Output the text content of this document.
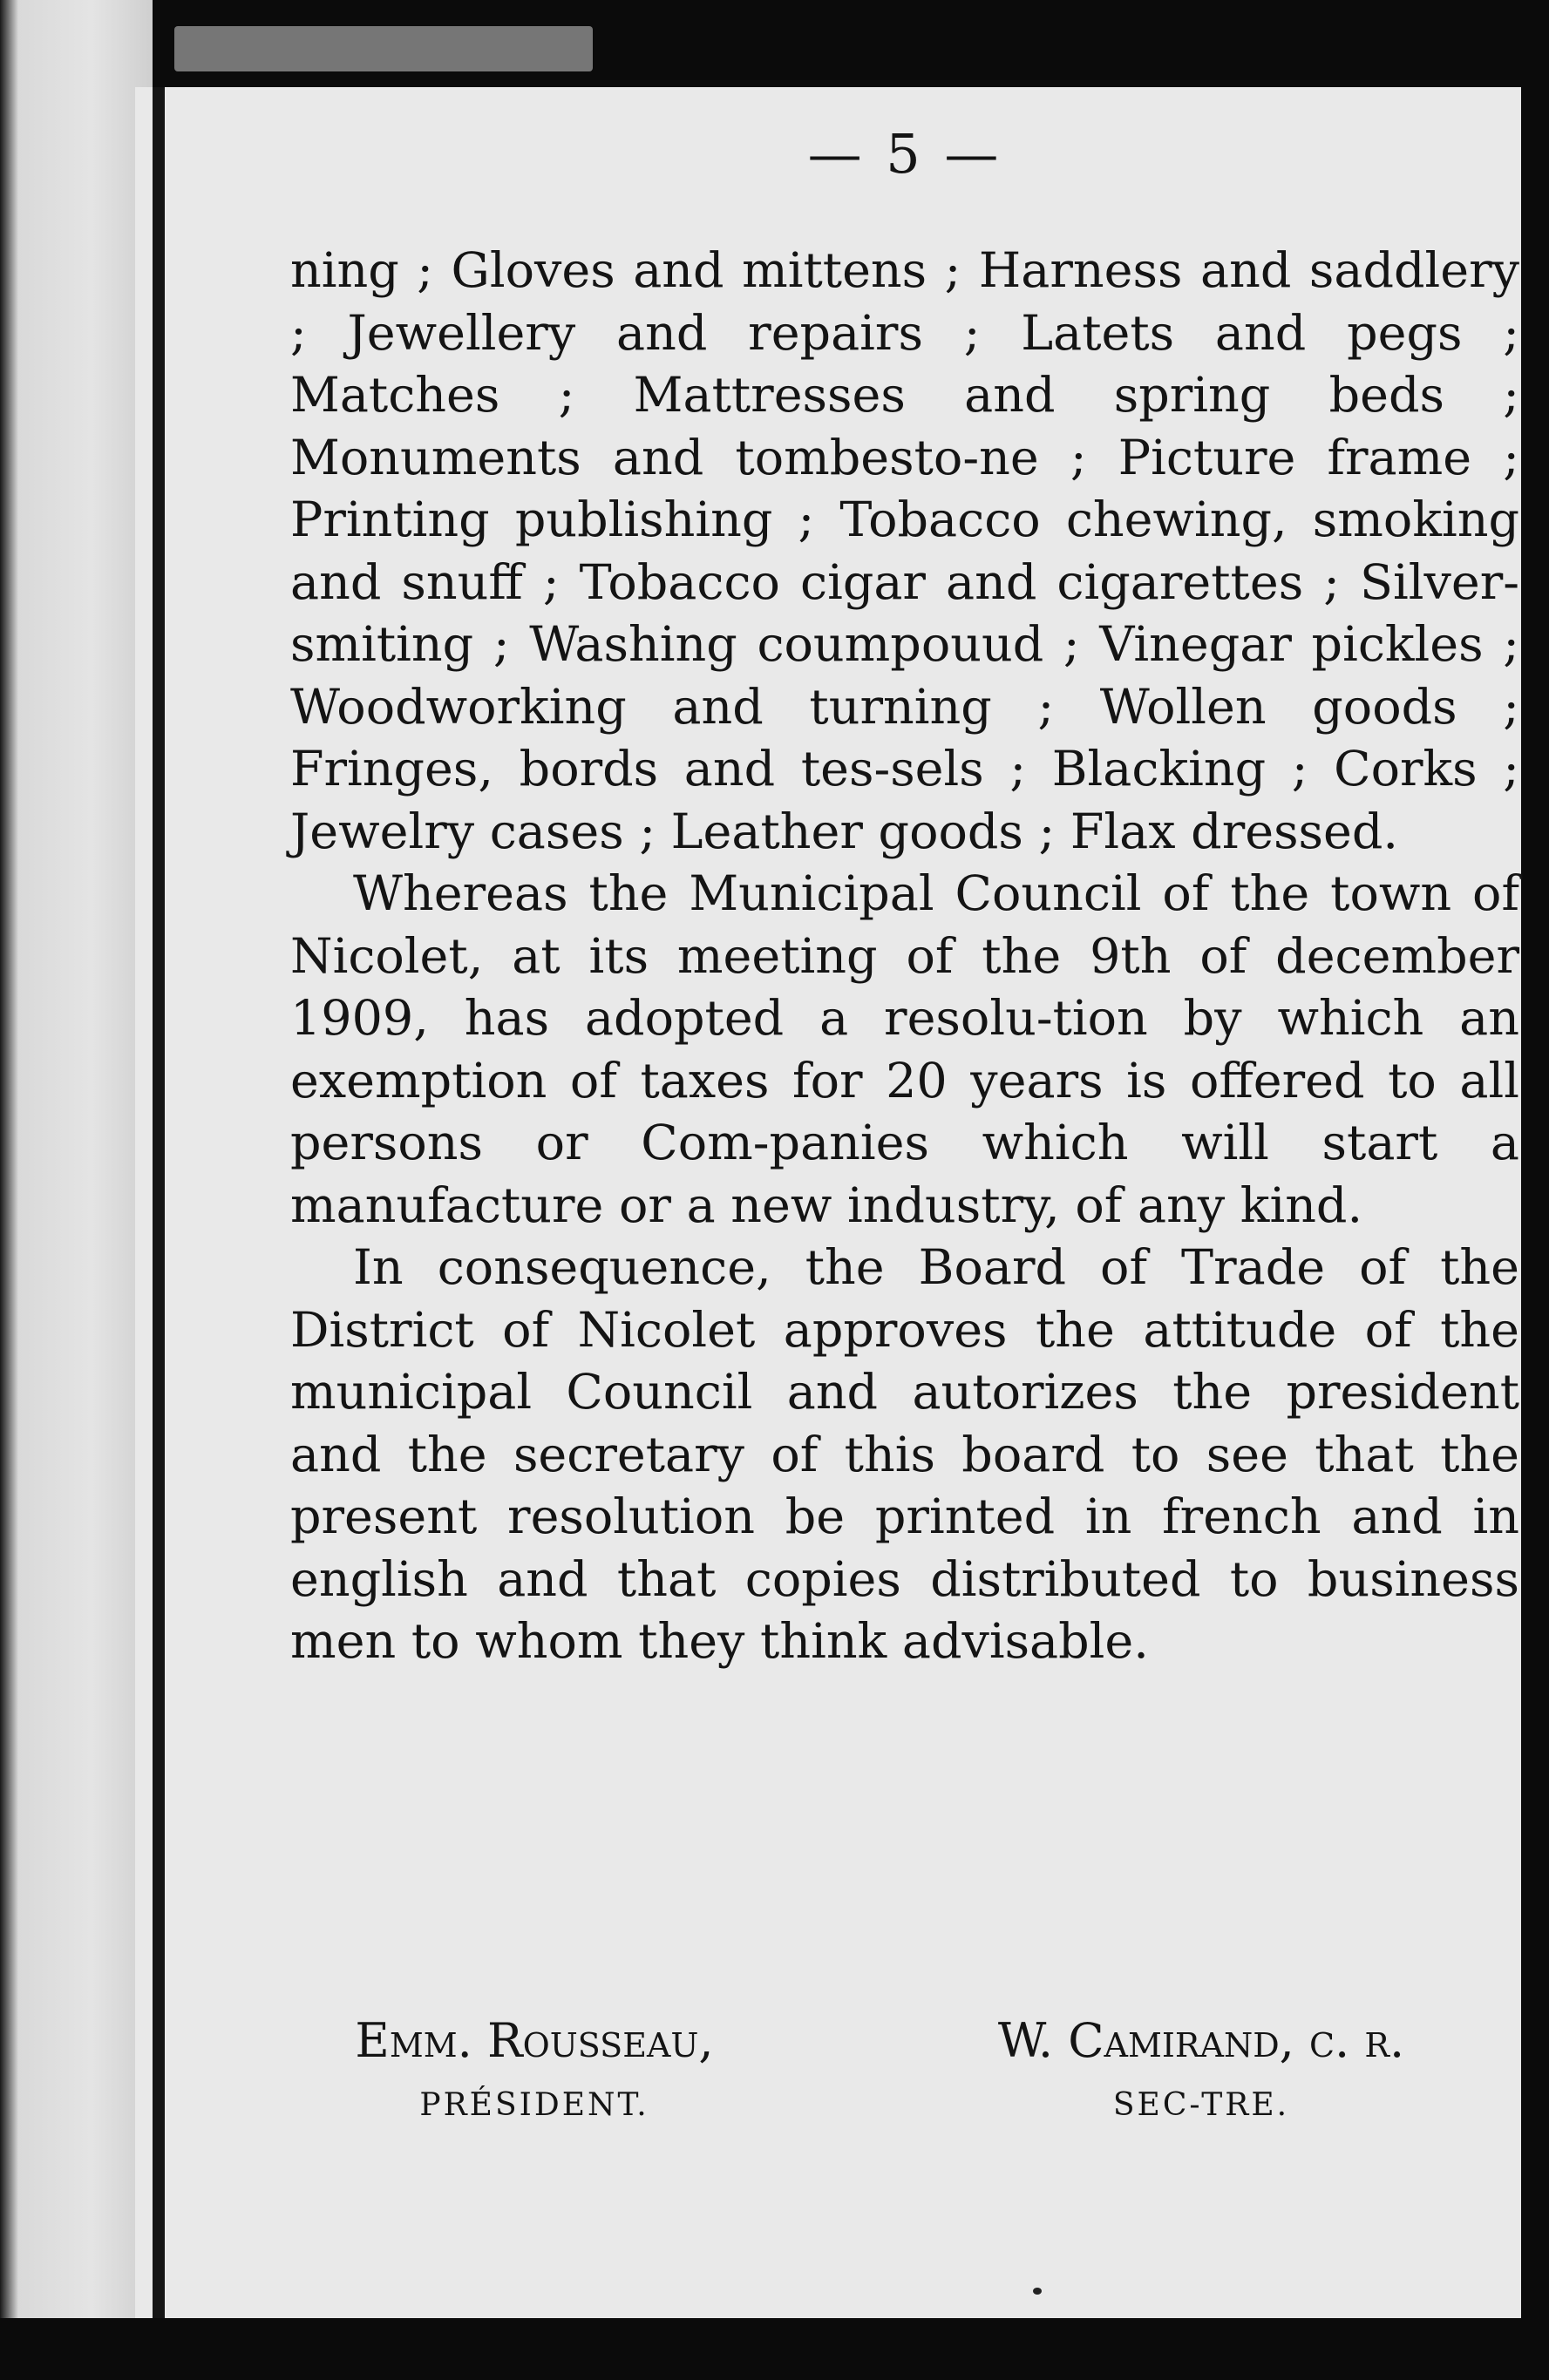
— 5 —

ning ; Gloves and mittens ; Harness and saddlery ; Jewellery and repairs ; Latets and pegs ; Matches ; Mattresses and spring beds ; Monuments and tombesto-ne ; Picture frame ; Printing publishing ; Tobacco chewing, smoking and snuff ; Tobacco cigar and cigarettes ; Silver-smiting ; Washing coumpouud ; Vinegar pickles ; Woodworking and turning ; Wollen goods ; Fringes, bords and tes-sels ; Blacking ; Corks ; Jewelry cases ; Leather goods ; Flax dressed.

Whereas the Municipal Council of the town of Nicolet, at its meeting of the 9th of december 1909, has adopted a resolu-tion by which an exemption of taxes for 20 years is offered to all persons or Com-panies which will start a manufacture or a new industry, of any kind.

In consequence, the Board of Trade of the District of Nicolet approves the attitude of the municipal Council and autorizes the president and the secretary of this board to see that the present resolution be printed in french and in english and that copies distributed to business men to whom they think advisable.

Emm. Rousseau,
PRÉSIDENT.
W. Camirand, c. r.
SEC-TRE.
